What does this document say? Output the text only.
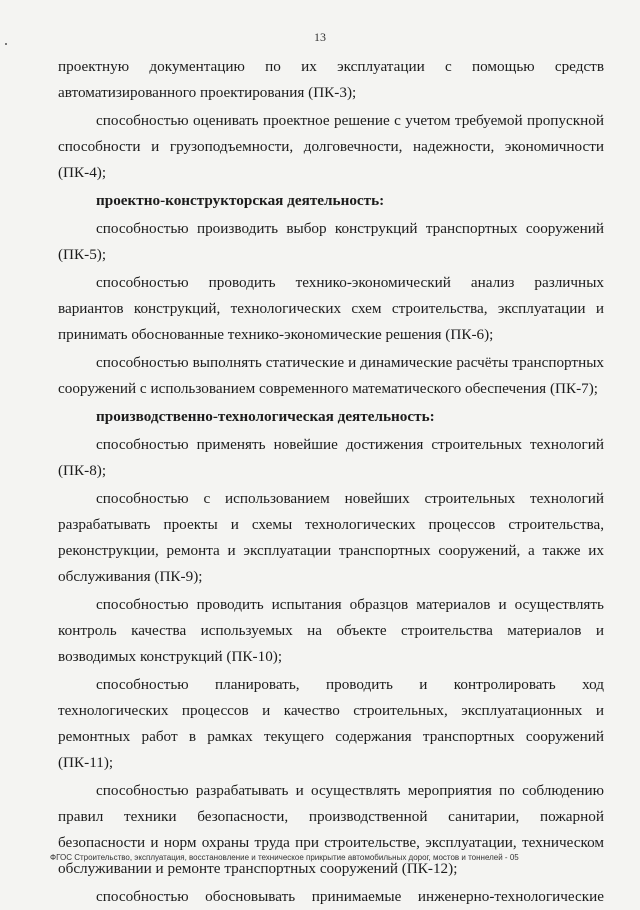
13

проектную документацию по их эксплуатации с помощью средств автоматизированного проектирования (ПК-3);

способностью оценивать проектное решение с учетом требуемой пропускной способности и грузоподъемности, долговечности, надежности, экономичности (ПК-4);

проектно-конструкторская деятельность:

способностью производить выбор конструкций транспортных сооружений (ПК-5);

способностью проводить технико-экономический анализ различных вариантов конструкций, технологических схем строительства, эксплуатации и принимать обоснованные технико-экономические решения (ПК-6);

способностью выполнять статические и динамические расчёты транспортных сооружений с использованием современного математического обеспечения (ПК-7);

производственно-технологическая деятельность:

способностью применять новейшие достижения строительных технологий (ПК-8);

способностью с использованием новейших строительных технологий разрабатывать проекты и схемы технологических процессов строительства, реконструкции, ремонта и эксплуатации транспортных сооружений, а также их обслуживания (ПК-9);

способностью проводить испытания образцов материалов и осуществлять контроль качества используемых на объекте строительства материалов и возводимых конструкций (ПК-10);

способностью планировать, проводить и контролировать ход технологических процессов и качество строительных, эксплуатационных и ремонтных работ в рамках текущего содержания транспортных сооружений (ПК-11);

способностью разрабатывать и осуществлять мероприятия по соблюдению правил техники безопасности, производственной санитарии, пожарной безопасности и норм охраны труда при строительстве, эксплуатации, техническом обслуживании и ремонте транспортных сооружений (ПК-12);

способностью обосновывать принимаемые инженерно-технологические

ФГОС Строительство, эксплуатация, восстановление и техническое прикрытие автомобильных дорог, мостов и тоннелей - 05
